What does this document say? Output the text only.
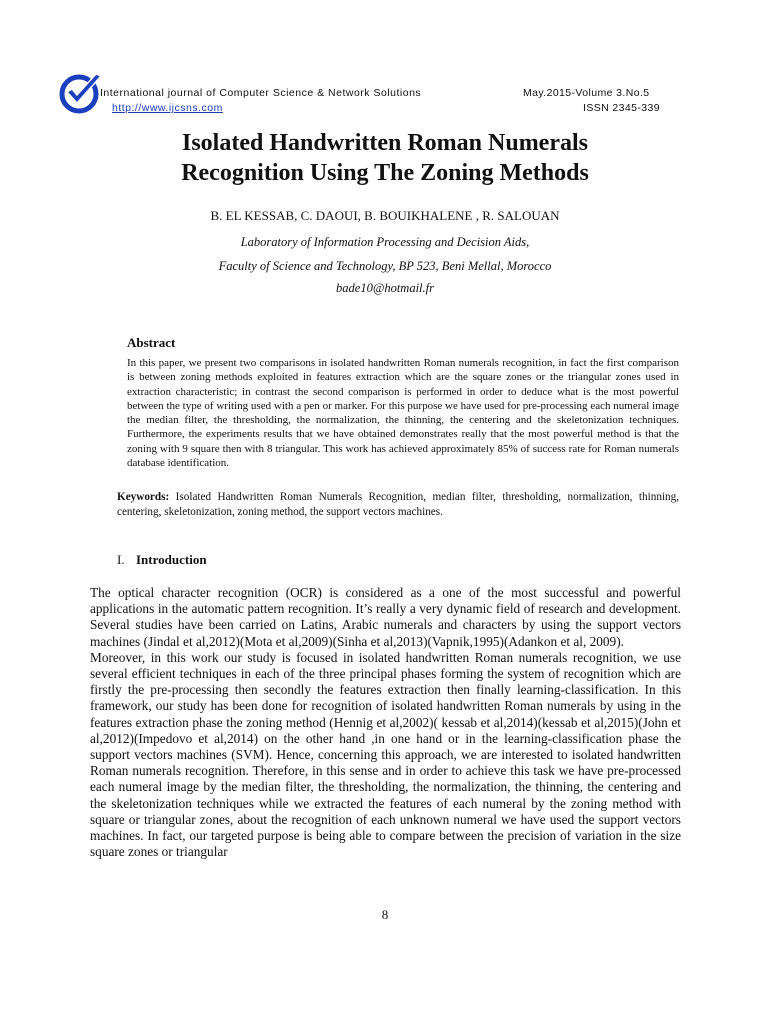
International journal of Computer Science & Network Solutions
http://www.ijcsns.com
May.2015-Volume 3.No.5
ISSN 2345-339
Isolated Handwritten Roman Numerals
Recognition Using The Zoning Methods
B. EL KESSAB, C. DAOUI, B. BOUIKHALENE , R. SALOUAN
Laboratory of Information Processing and Decision Aids,
Faculty of Science and Technology, BP 523, Beni Mellal, Morocco
bade10@hotmail.fr
Abstract
In this paper, we present two comparisons in isolated handwritten Roman numerals recognition, in fact the first comparison is between zoning methods exploited in features extraction which are the square zones or the triangular zones used in extraction characteristic; in contrast the second comparison is performed in order to deduce what is the most powerful between the type of writing used with a pen or marker. For this purpose we have used for pre-processing each numeral image the median filter, the thresholding, the normalization, the thinning, the centering and the skeletonization techniques. Furthermore, the experiments results that we have obtained demonstrates really that the most powerful method is that the zoning with 9 square then with 8 triangular. This work has achieved approximately 85% of success rate for Roman numerals database identification.
Keywords: Isolated Handwritten Roman Numerals Recognition, median filter, thresholding, normalization, thinning, centering, skeletonization, zoning method, the support vectors machines.
I. Introduction

The optical character recognition (OCR) is considered as a one of the most successful and powerful applications in the automatic pattern recognition. It’s really a very dynamic field of research and development. Several studies have been carried on Latins, Arabic numerals and characters by using the support vectors machines (Jindal et al,2012)(Mota et al,2009)(Sinha et al,2013)(Vapnik,1995)(Adankon et al, 2009).

Moreover, in this work our study is focused in isolated handwritten Roman numerals recognition, we use several efficient techniques in each of the three principal phases forming the system of recognition which are firstly the pre-processing then secondly the features extraction then finally learning-classification. In this framework, our study has been done for recognition of isolated handwritten Roman numerals by using in the features extraction phase the zoning method (Hennig et al,2002)( kessab et al,2014)(kessab et al,2015)(John et al,2012)(Impedovo et al,2014) on the other hand ,in one hand or in the learning-classification phase the support vectors machines (SVM). Hence, concerning this approach, we are interested to isolated handwritten Roman numerals recognition. Therefore, in this sense and in order to achieve this task we have pre-processed each numeral image by the median filter, the thresholding, the normalization, the thinning, the centering and the skeletonization techniques while we extracted the features of each numeral by the zoning method with square or triangular zones, about the recognition of each unknown numeral we have used the support vectors machines. In fact, our targeted purpose is being able to compare between the precision of variation in the size square zones or triangular

8
